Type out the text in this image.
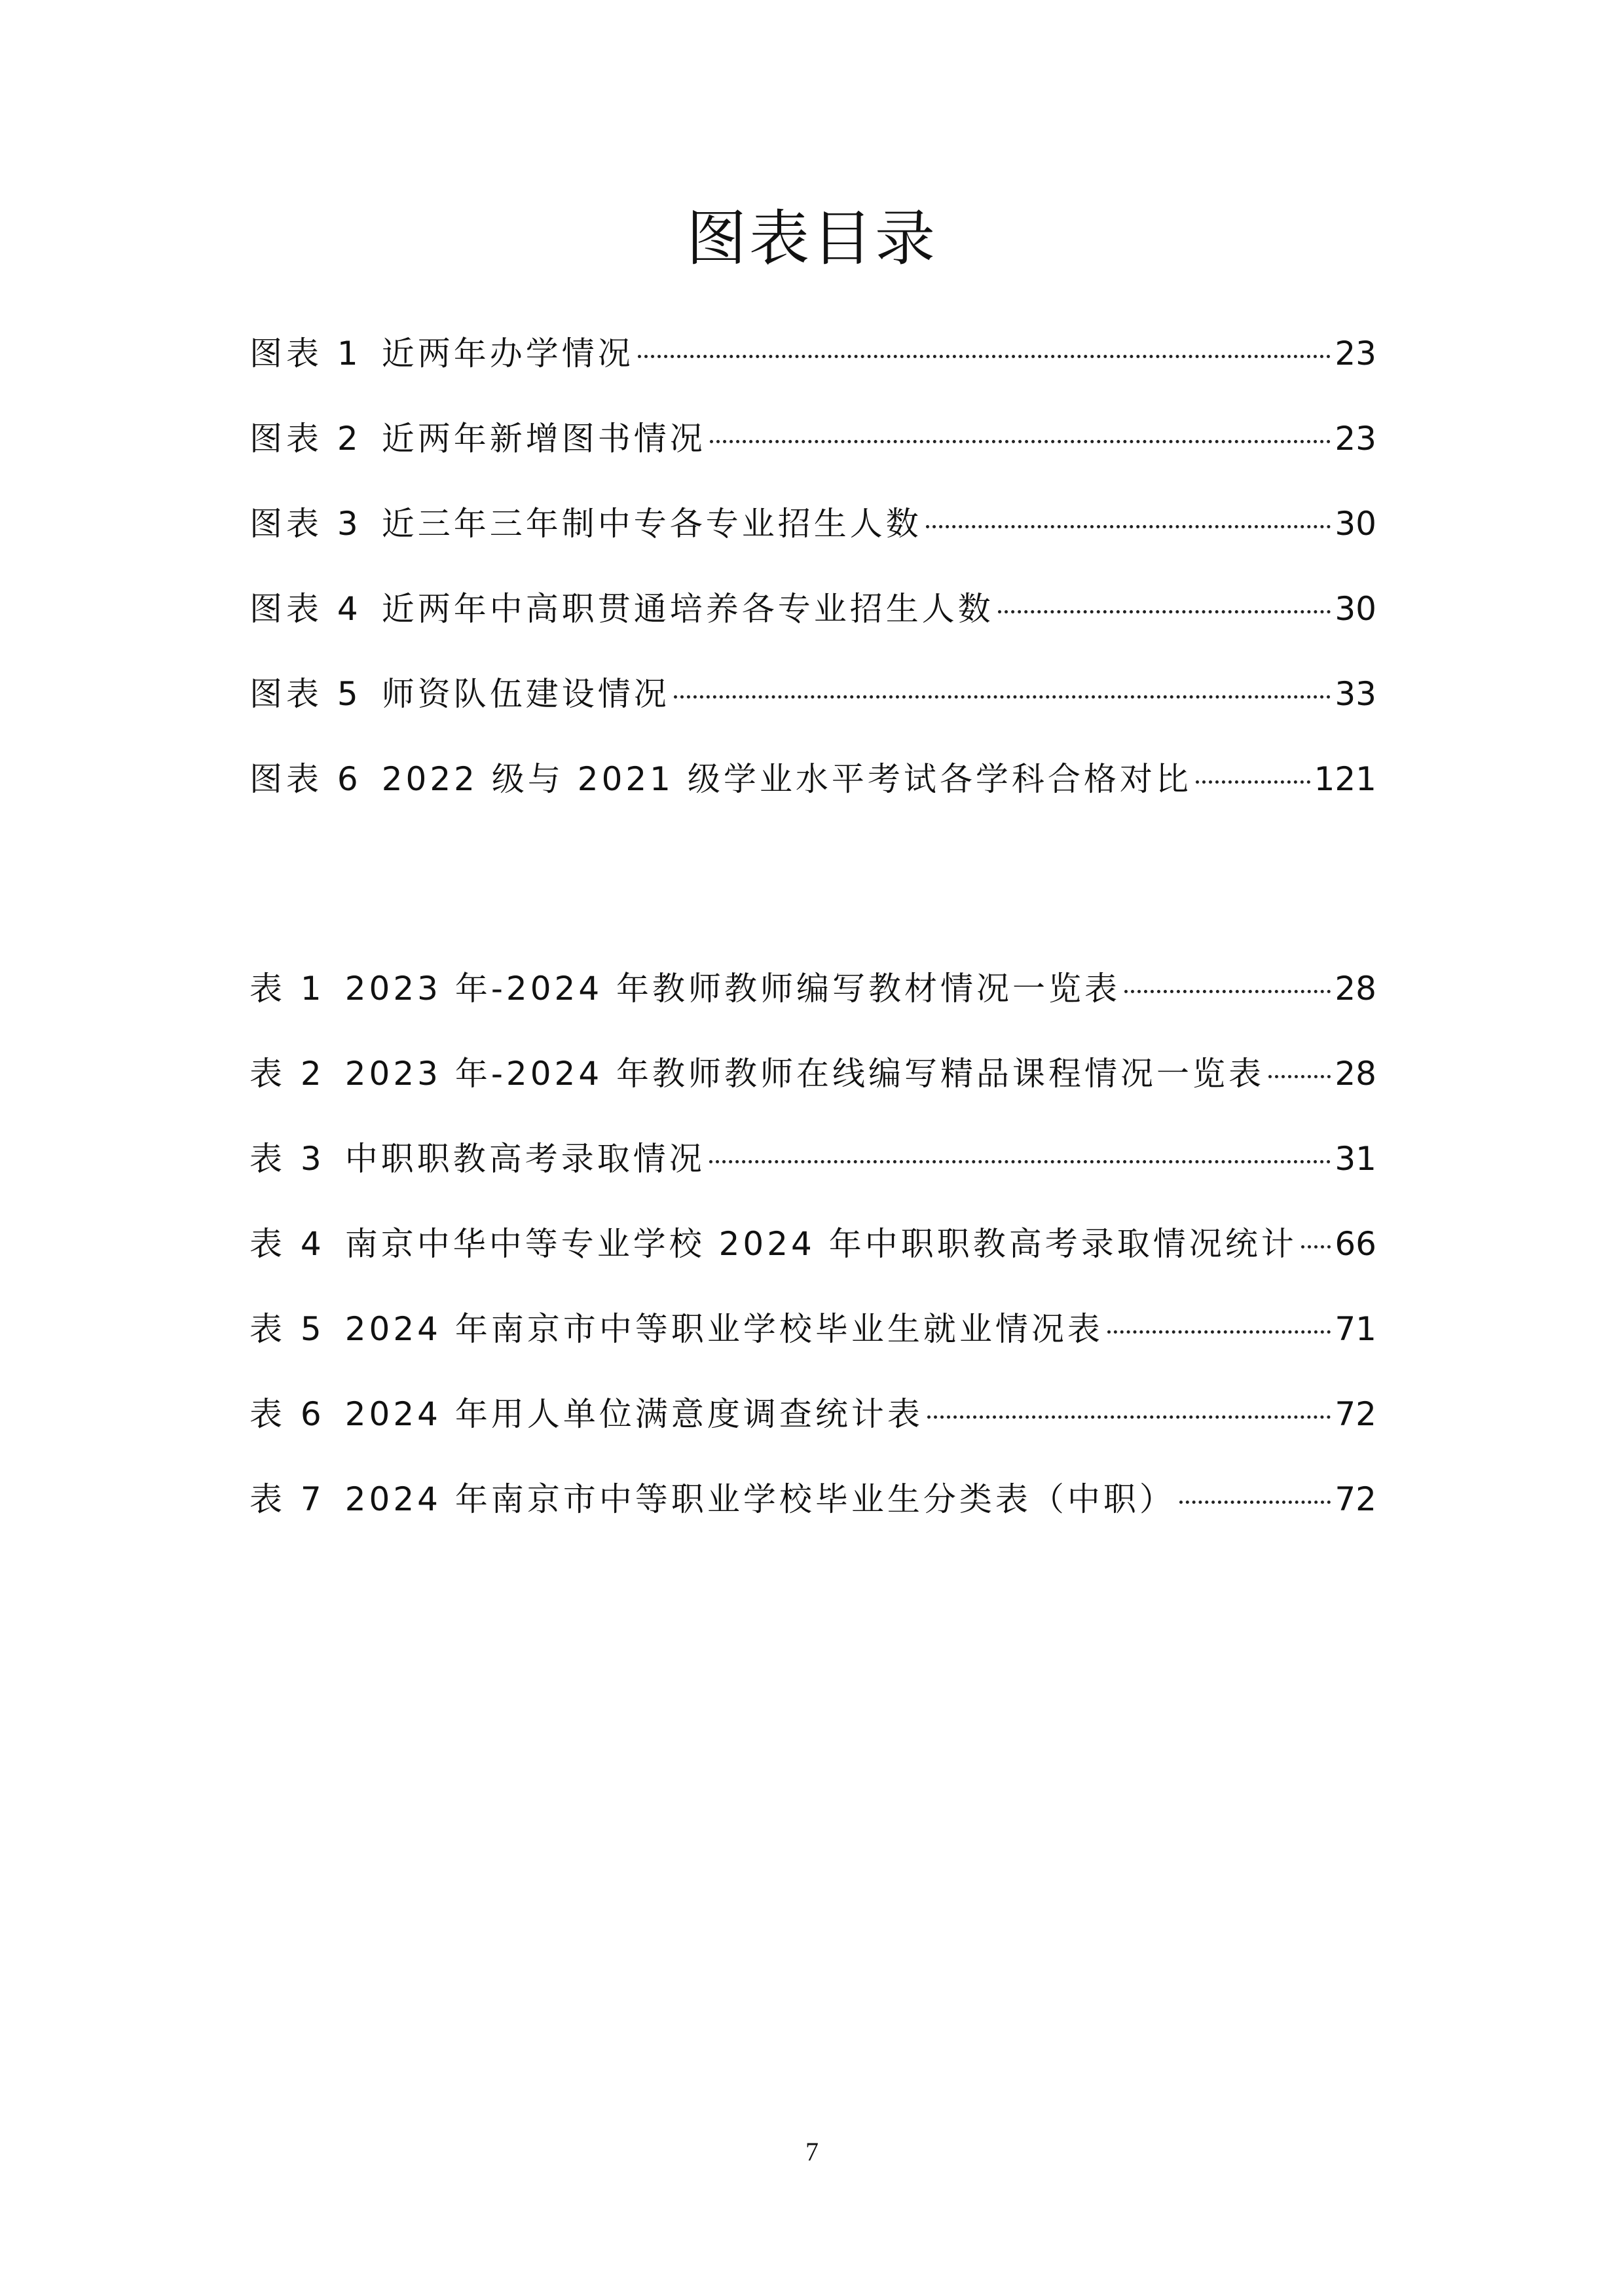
图表目录
图表 1 近两年办学情况	23
图表 2 近两年新增图书情况	23
图表 3 近三年三年制中专各专业招生人数	30
图表 4 近两年中高职贯通培养各专业招生人数	30
图表 5 师资队伍建设情况	33
图表 6 2022 级与 2021 级学业水平考试各学科合格对比	121
表 1 2023 年-2024 年教师教师编写教材情况一览表	28
表 2 2023 年-2024 年教师教师在线编写精品课程情况一览表 28
表 3 中职职教高考录取情况	31
表 4 南京中华中等专业学校 2024 年中职职教高考录取情况统计 66
表 5 2024 年南京市中等职业学校毕业生就业情况表	71
表 6 2024 年用人单位满意度调查统计表	72
表 7 2024 年南京市中等职业学校毕业生分类表（中职）	72
7
